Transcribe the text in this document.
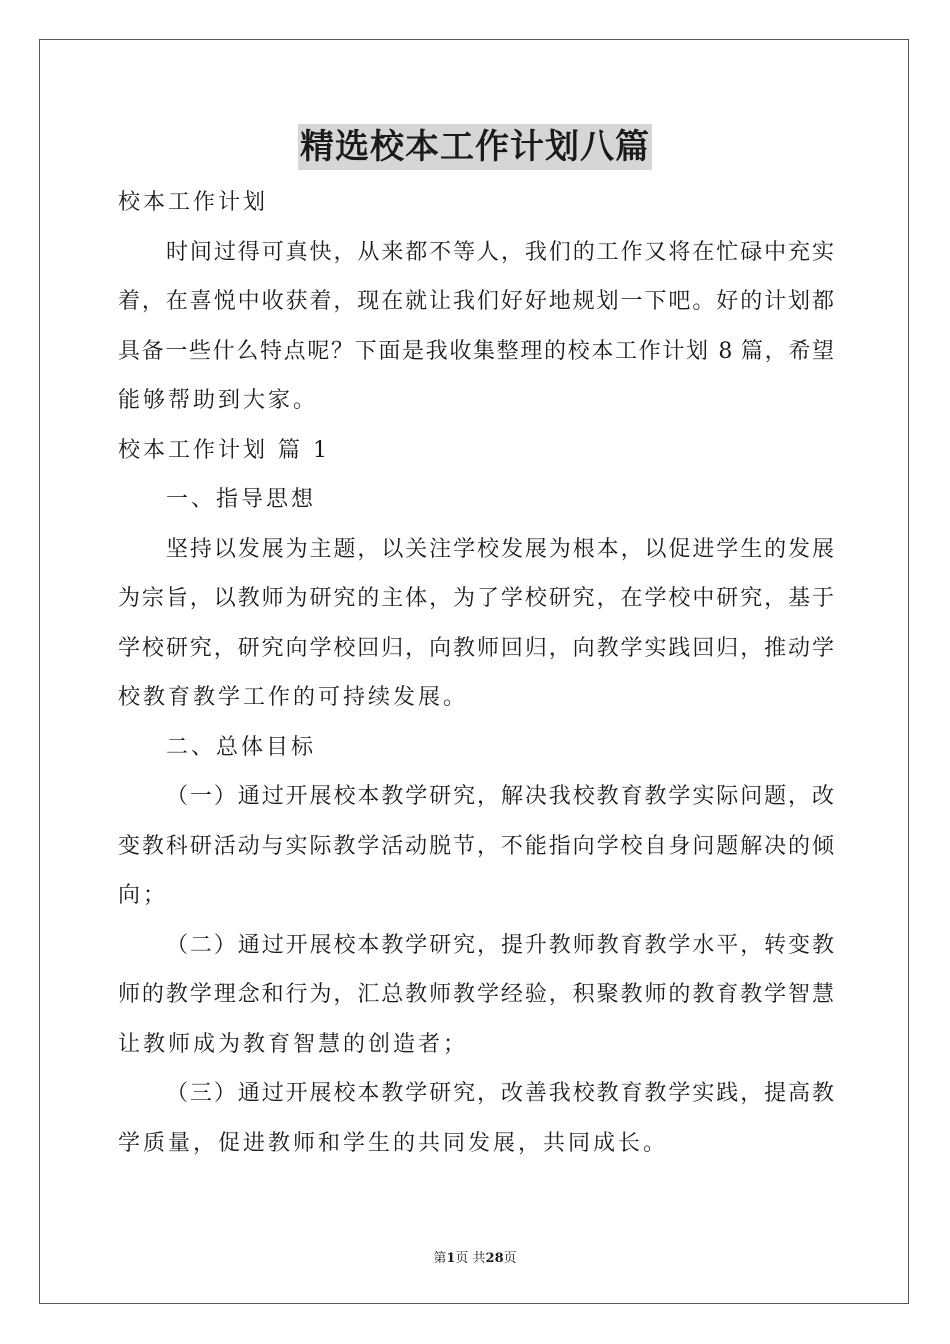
精选校本工作计划八篇
校本工作计划
时间过得可真快，从来都不等人，我们的工作又将在忙碌中充实
着，在喜悦中收获着，现在就让我们好好地规划一下吧。好的计划都
具备一些什么特点呢？下面是我收集整理的校本工作计划 8 篇，希望
能够帮助到大家。
校本工作计划 篇 1
一、指导思想
坚持以发展为主题，以关注学校发展为根本，以促进学生的发展
为宗旨，以教师为研究的主体，为了学校研究，在学校中研究，基于
学校研究，研究向学校回归，向教师回归，向教学实践回归，推动学
校教育教学工作的可持续发展。
二、总体目标
（一）通过开展校本教学研究，解决我校教育教学实际问题，改
变教科研活动与实际教学活动脱节，不能指向学校自身问题解决的倾
向；
（二）通过开展校本教学研究，提升教师教育教学水平，转变教
师的教学理念和行为，汇总教师教学经验，积聚教师的教育教学智慧
让教师成为教育智慧的创造者；
（三）通过开展校本教学研究，改善我校教育教学实践，提高教
学质量，促进教师和学生的共同发展，共同成长。
第1页 共28页
